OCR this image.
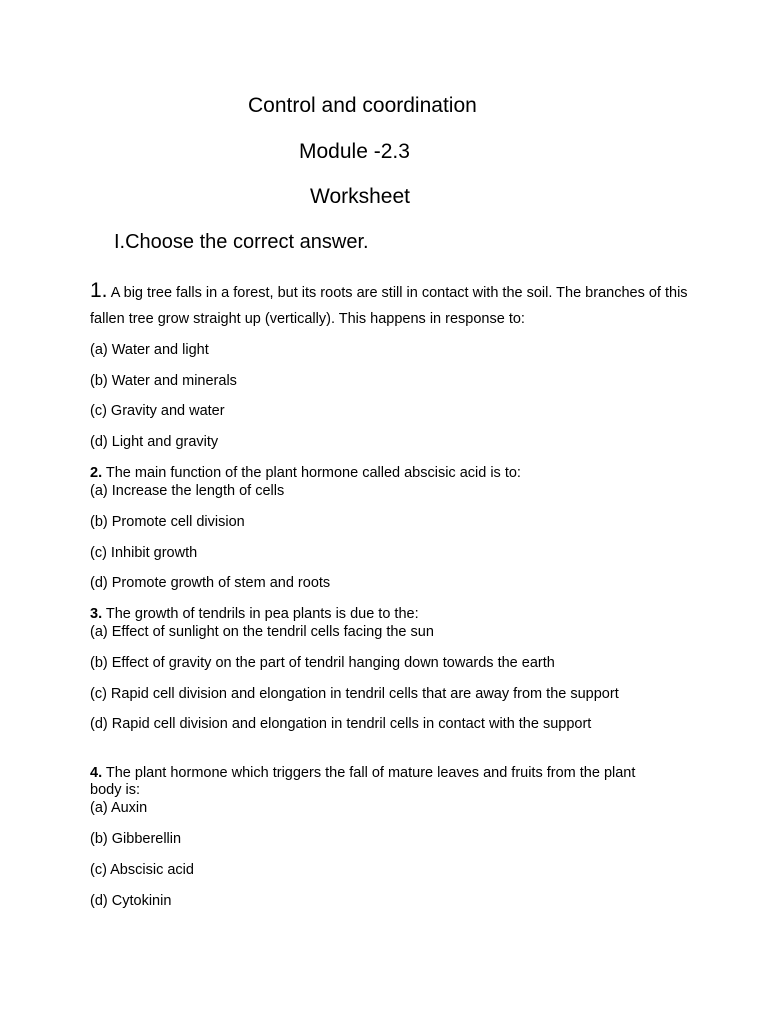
Control and coordination
Module -2.3
Worksheet
I.Choose the correct answer.

1. A big tree falls in a forest, but its roots are still in contact with the soil. The branches of this fallen tree grow straight up (vertically). This happens in response to:

(a) Water and light

(b) Water and minerals

(c) Gravity and water

(d) Light and gravity

2. The main function of the plant hormone called abscisic acid is to:

(a) Increase the length of cells

(b) Promote cell division

(c) Inhibit growth

(d) Promote growth of stem and roots

3. The growth of tendrils in pea plants is due to the:

(a) Effect of sunlight on the tendril cells facing the sun

(b) Effect of gravity on the part of tendril hanging down towards the earth

(c) Rapid cell division and elongation in tendril cells that are away from the support

(d) Rapid cell division and elongation in tendril cells in contact with the support

4. The plant hormone which triggers the fall of mature leaves and fruits from the plant body is:

(a) Auxin

(b) Gibberellin

(c) Abscisic acid

(d) Cytokinin
